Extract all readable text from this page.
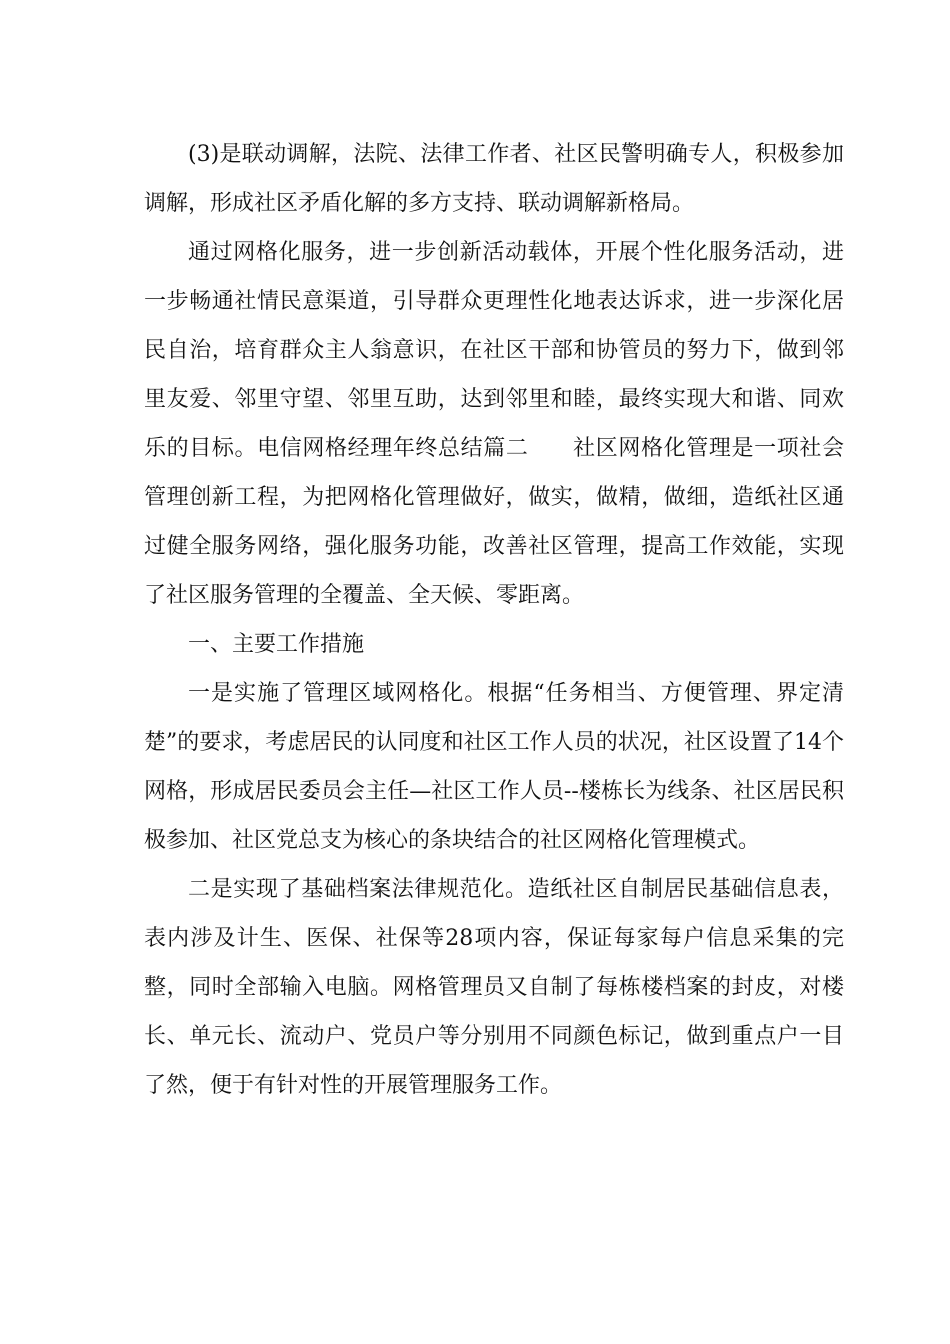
(3)是联动调解，法院、法律工作者、社区民警明确专人，积极参加调解，形成社区矛盾化解的多方支持、联动调解新格局。

通过网格化服务，进一步创新活动载体，开展个性化服务活动，进一步畅通社情民意渠道，引导群众更理性化地表达诉求，进一步深化居民自治，培育群众主人翁意识，在社区干部和协管员的努力下，做到邻里友爱、邻里守望、邻里互助，达到邻里和睦，最终实现大和谐、同欢乐的目标。电信网格经理年终总结篇二 社区网格化管理是一项社会管理创新工程，为把网格化管理做好，做实，做精，做细，造纸社区通过健全服务网络，强化服务功能，改善社区管理，提高工作效能，实现了社区服务管理的全覆盖、全天候、零距离。

一、主要工作措施

一是实施了管理区域网格化。根据“任务相当、方便管理、界定清楚”的要求，考虑居民的认同度和社区工作人员的状况，社区设置了14个网格，形成居民委员会主任—社区工作人员--楼栋长为线条、社区居民积极参加、社区党总支为核心的条块结合的社区网格化管理模式。

二是实现了基础档案法律规范化。造纸社区自制居民基础信息表，表内涉及计生、医保、社保等28项内容，保证每家每户信息采集的完整，同时全部输入电脑。网格管理员又自制了每栋楼档案的封皮，对楼长、单元长、流动户、党员户等分别用不同颜色标记，做到重点户一目了然，便于有针对性的开展管理服务工作。
